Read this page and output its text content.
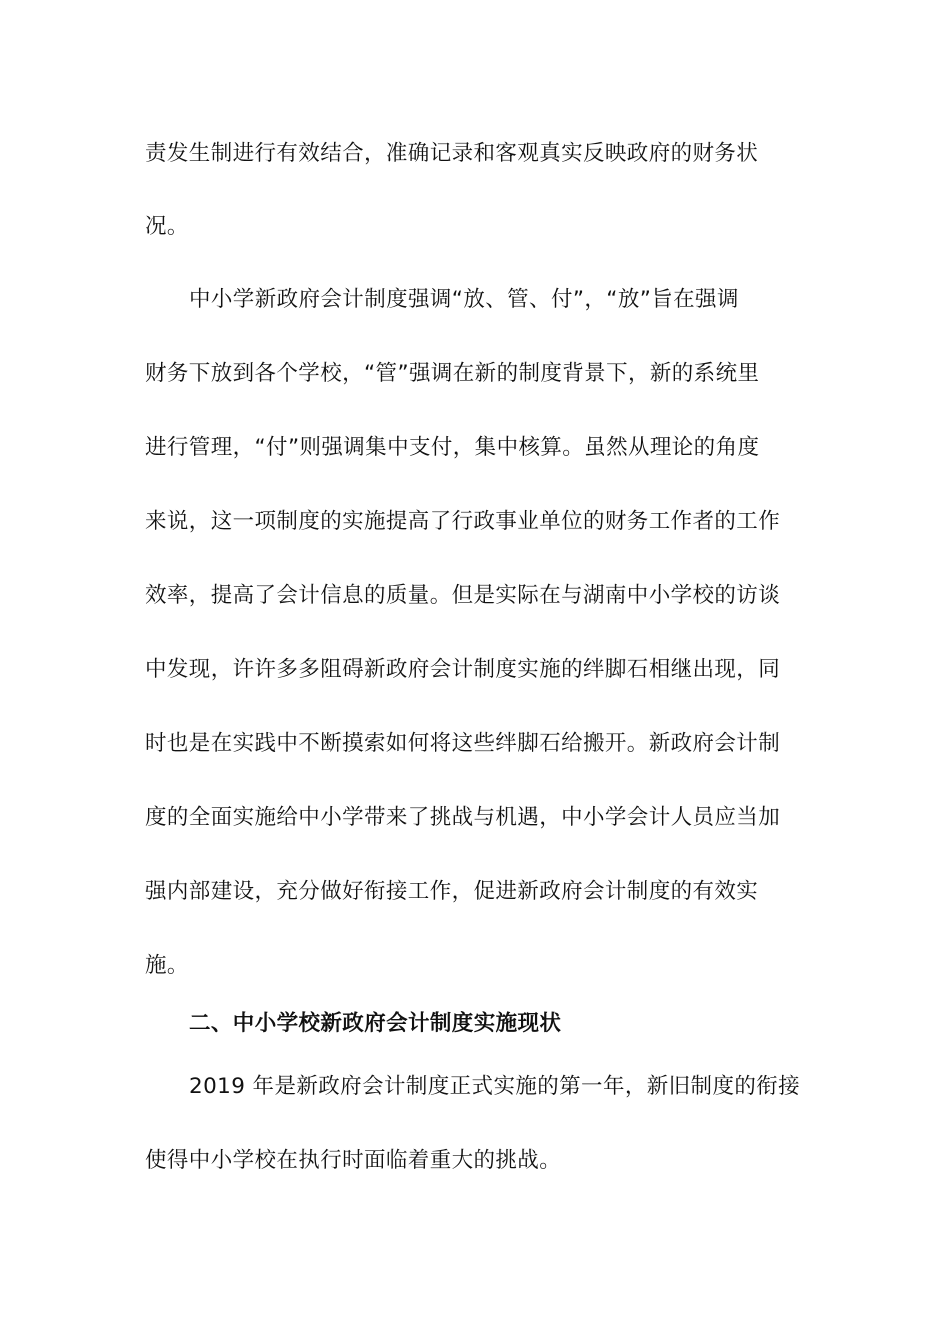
责发生制进行有效结合，准确记录和客观真实反映政府的财务状
况。
中小学新政府会计制度强调“放、管、付”，“放”旨在强调
财务下放到各个学校，“管”强调在新的制度背景下，新的系统里
进行管理，“付”则强调集中支付，集中核算。虽然从理论的角度
来说，这一项制度的实施提高了行政事业单位的财务工作者的工作
效率，提高了会计信息的质量。但是实际在与湖南中小学校的访谈
中发现，许许多多阻碍新政府会计制度实施的绊脚石相继出现，同
时也是在实践中不断摸索如何将这些绊脚石给搬开。新政府会计制
度的全面实施给中小学带来了挑战与机遇，中小学会计人员应当加
强内部建设，充分做好衔接工作，促进新政府会计制度的有效实
施。
二、中小学校新政府会计制度实施现状
2019 年是新政府会计制度正式实施的第一年，新旧制度的衔接
使得中小学校在执行时面临着重大的挑战。
